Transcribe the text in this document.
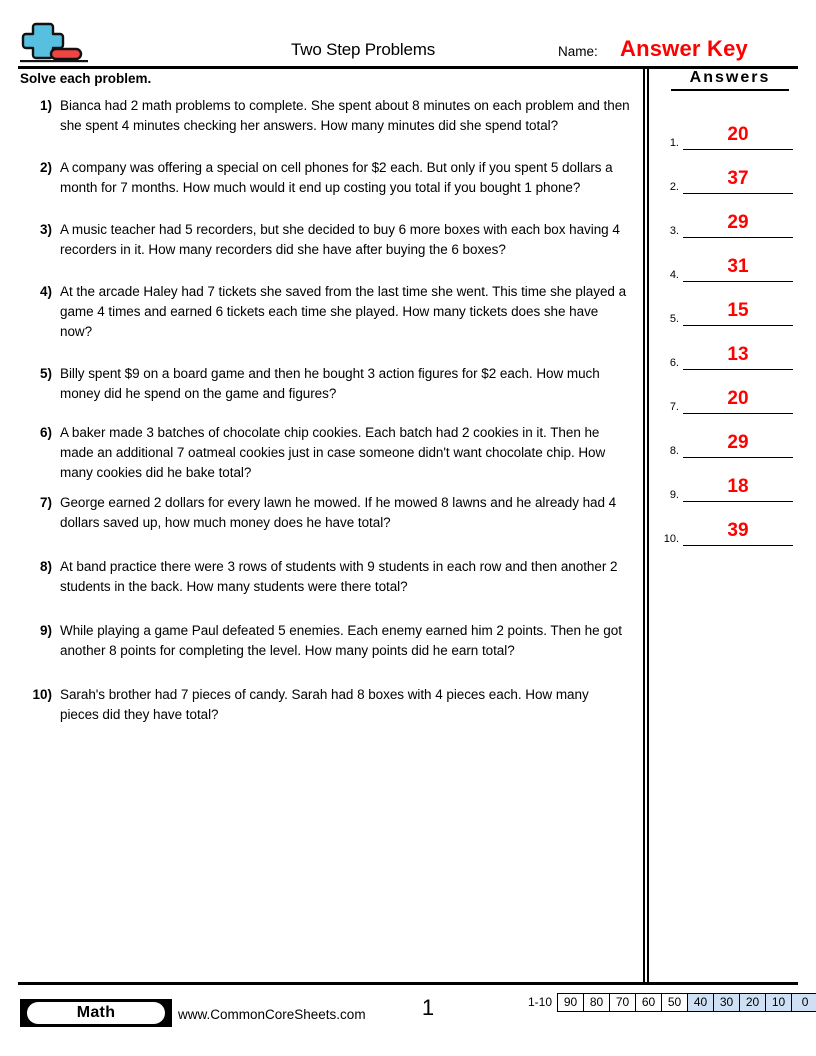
Two Step Problems	Name: Answer Key
Solve each problem.
1) Bianca had 2 math problems to complete. She spent about 8 minutes on each problem and then she spent 4 minutes checking her answers. How many minutes did she spend total?
2) A company was offering a special on cell phones for $2 each. But only if you spent 5 dollars a month for 7 months. How much would it end up costing you total if you bought 1 phone?
3) A music teacher had 5 recorders, but she decided to buy 6 more boxes with each box having 4 recorders in it. How many recorders did she have after buying the 6 boxes?
4) At the arcade Haley had 7 tickets she saved from the last time she went. This time she played a game 4 times and earned 6 tickets each time she played. How many tickets does she have now?
5) Billy spent $9 on a board game and then he bought 3 action figures for $2 each. How much money did he spend on the game and figures?
6) A baker made 3 batches of chocolate chip cookies. Each batch had 2 cookies in it. Then he made an additional 7 oatmeal cookies just in case someone didn't want chocolate chip. How many cookies did he bake total?
7) George earned 2 dollars for every lawn he mowed. If he mowed 8 lawns and he already had 4 dollars saved up, how much money does he have total?
8) At band practice there were 3 rows of students with 9 students in each row and then another 2 students in the back. How many students were there total?
9) While playing a game Paul defeated 5 enemies. Each enemy earned him 2 points. Then he got another 8 points for completing the level. How many points did he earn total?
10) Sarah's brother had 7 pieces of candy. Sarah had 8 boxes with 4 pieces each. How many pieces did they have total?
Answers
1.	20
2.	37
3.	29
4.	31
5.	15
6.	13
7.	20
8.	29
9.	18
10.	39
Math	www.CommonCoreSheets.com	1	1-10 90	80	70	60	50	40	30	20	10	0
